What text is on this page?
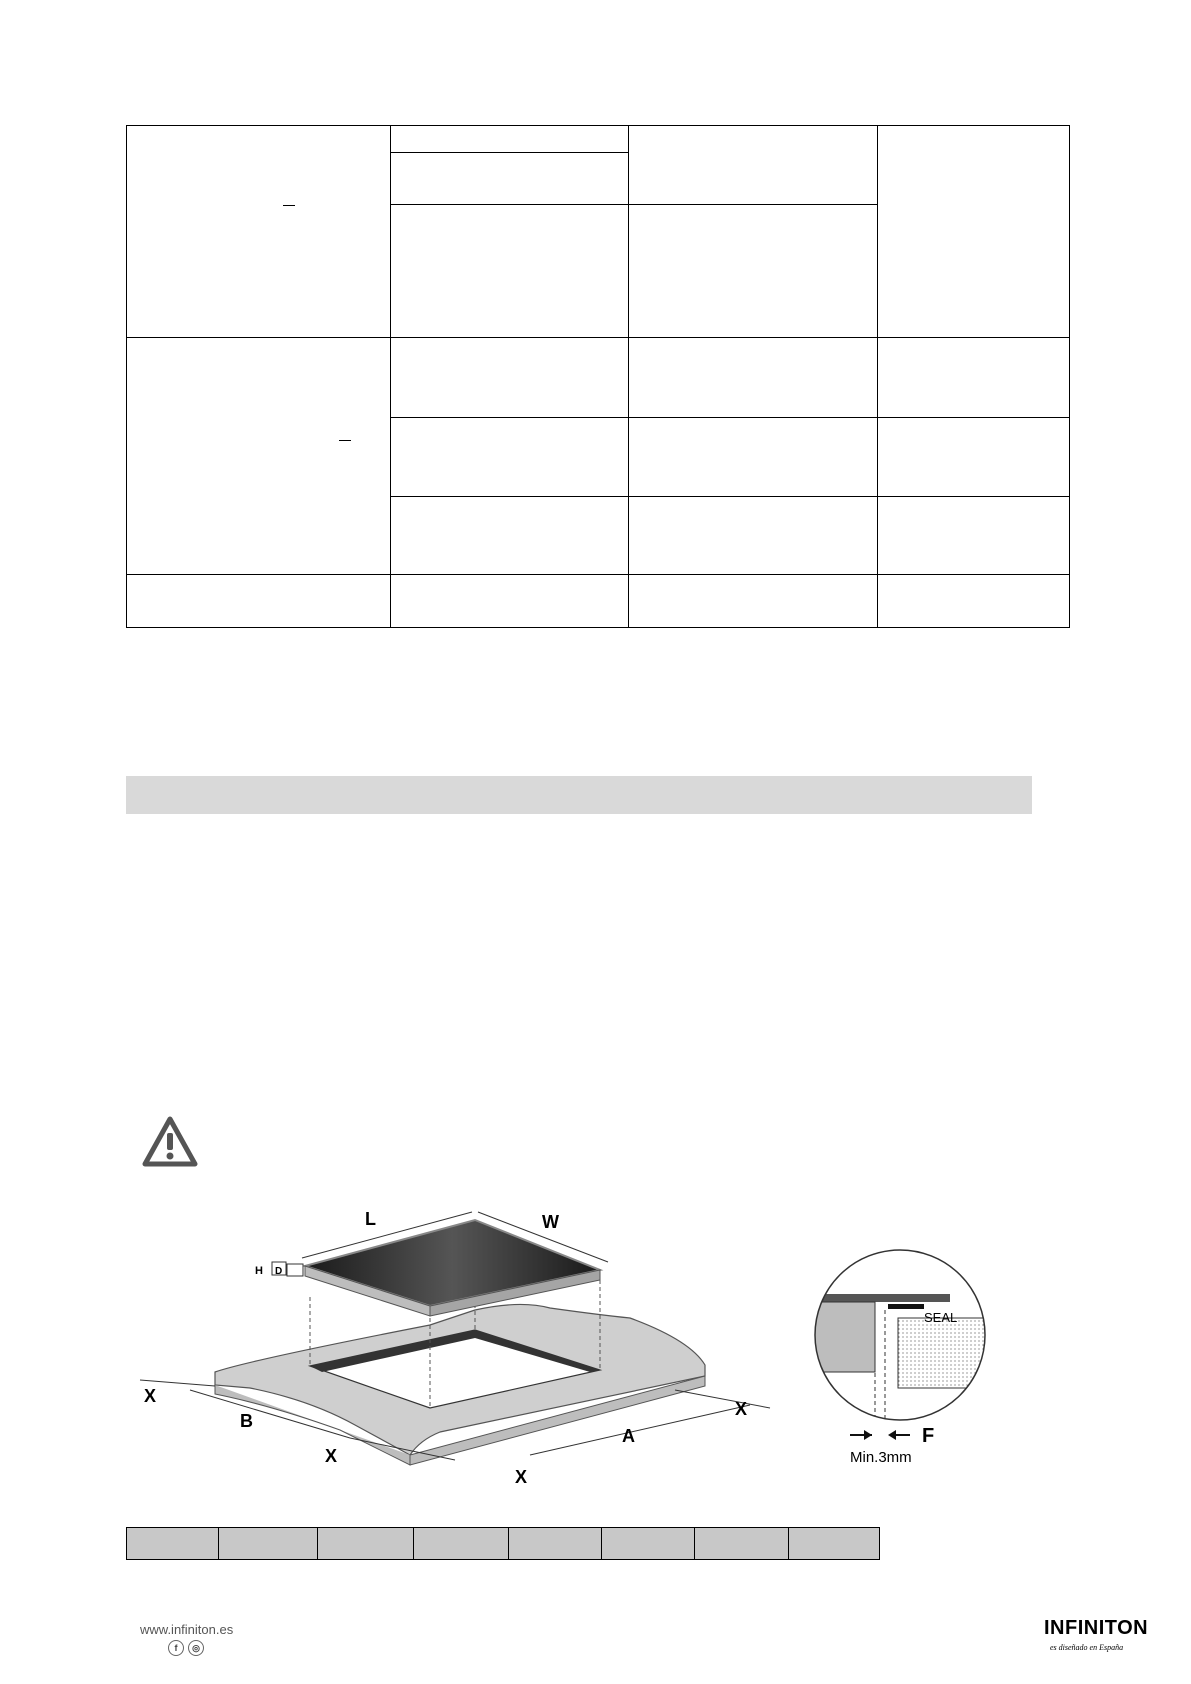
L	W
H D
X
B
X
A
X
X
SEAL
F
Min.3mm

www.infiniton.es
f	◎
INFINITON
es diseñado en España
